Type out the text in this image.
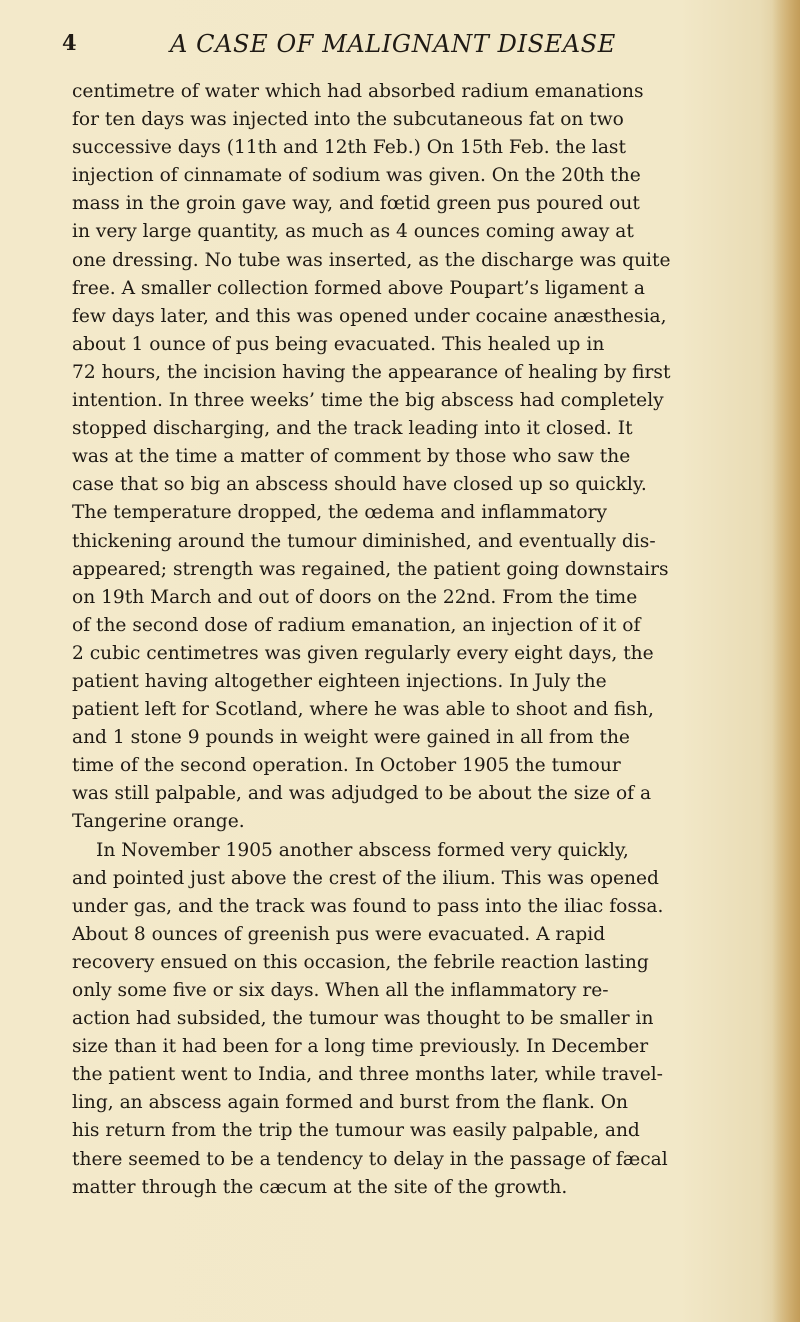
4	A CASE OF MALIGNANT DISEASE
centimetre of water which had absorbed radium emanations
for ten days was injected into the subcutaneous fat on two
successive days (11th and 12th Feb.) On 15th Feb. the last
injection of cinnamate of sodium was given. On the 20th the
mass in the groin gave way, and fœtid green pus poured out
in very large quantity, as much as 4 ounces coming away at
one dressing. No tube was inserted, as the discharge was quite
free. A smaller collection formed above Poupart’s ligament a
few days later, and this was opened under cocaine anæsthesia,
about 1 ounce of pus being evacuated. This healed up in
72 hours, the incision having the appearance of healing by first
intention. In three weeks’ time the big abscess had completely
stopped discharging, and the track leading into it closed. It
was at the time a matter of comment by those who saw the
case that so big an abscess should have closed up so quickly.
The temperature dropped, the œdema and inflammatory
thickening around the tumour diminished, and eventually dis-
appeared; strength was regained, the patient going downstairs
on 19th March and out of doors on the 22nd. From the time
of the second dose of radium emanation, an injection of it of
2 cubic centimetres was given regularly every eight days, the
patient having altogether eighteen injections. In July the
patient left for Scotland, where he was able to shoot and fish,
and 1 stone 9 pounds in weight were gained in all from the
time of the second operation. In October 1905 the tumour
was still palpable, and was adjudged to be about the size of a
Tangerine orange.
In November 1905 another abscess formed very quickly,
and pointed just above the crest of the ilium. This was opened
under gas, and the track was found to pass into the iliac fossa.
About 8 ounces of greenish pus were evacuated. A rapid
recovery ensued on this occasion, the febrile reaction lasting
only some five or six days. When all the inflammatory re-
action had subsided, the tumour was thought to be smaller in
size than it had been for a long time previously. In December
the patient went to India, and three months later, while travel-
ling, an abscess again formed and burst from the flank. On
his return from the trip the tumour was easily palpable, and
there seemed to be a tendency to delay in the passage of fæcal
matter through the cæcum at the site of the growth.
